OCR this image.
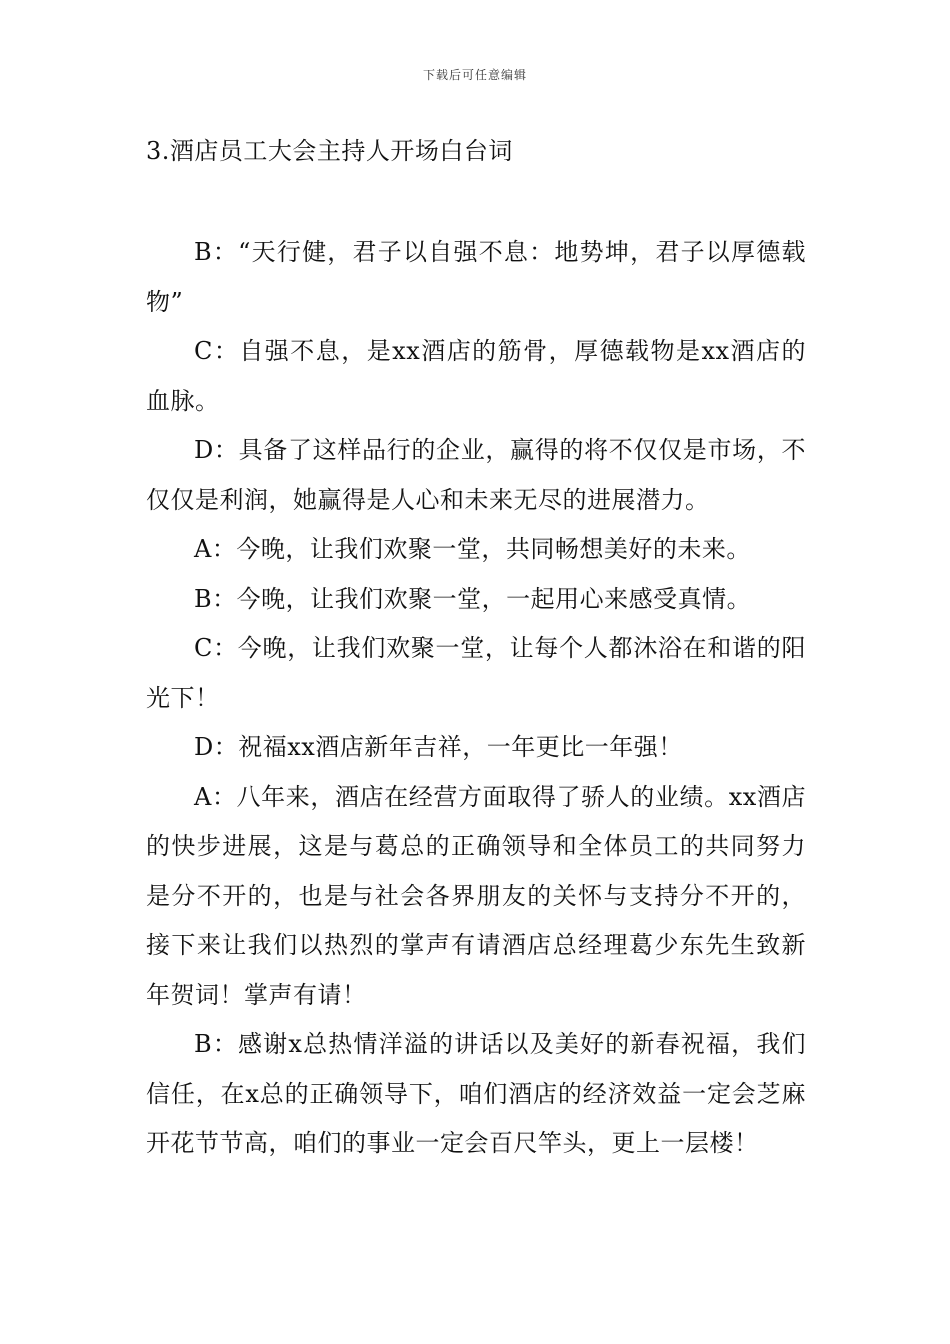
下载后可任意编辑
3.酒店员工大会主持人开场白台词

B：“天行健，君子以自强不息：地势坤，君子以厚德载物”

C：自强不息，是xx酒店的筋骨，厚德载物是xx酒店的血脉。

D：具备了这样品行的企业，赢得的将不仅仅是市场，不仅仅是利润，她赢得是人心和未来无尽的进展潜力。

A：今晚，让我们欢聚一堂，共同畅想美好的未来。

B：今晚，让我们欢聚一堂，一起用心来感受真情。

C：今晚，让我们欢聚一堂，让每个人都沐浴在和谐的阳光下！

D：祝福xx酒店新年吉祥，一年更比一年强！

A：八年来，酒店在经营方面取得了骄人的业绩。xx酒店的快步进展，这是与葛总的正确领导和全体员工的共同努力是分不开的，也是与社会各界朋友的关怀与支持分不开的，接下来让我们以热烈的掌声有请酒店总经理葛少东先生致新年贺词！掌声有请！

B：感谢x总热情洋溢的讲话以及美好的新春祝福，我们信任，在x总的正确领导下，咱们酒店的经济效益一定会芝麻开花节节高，咱们的事业一定会百尺竿头，更上一层楼！
